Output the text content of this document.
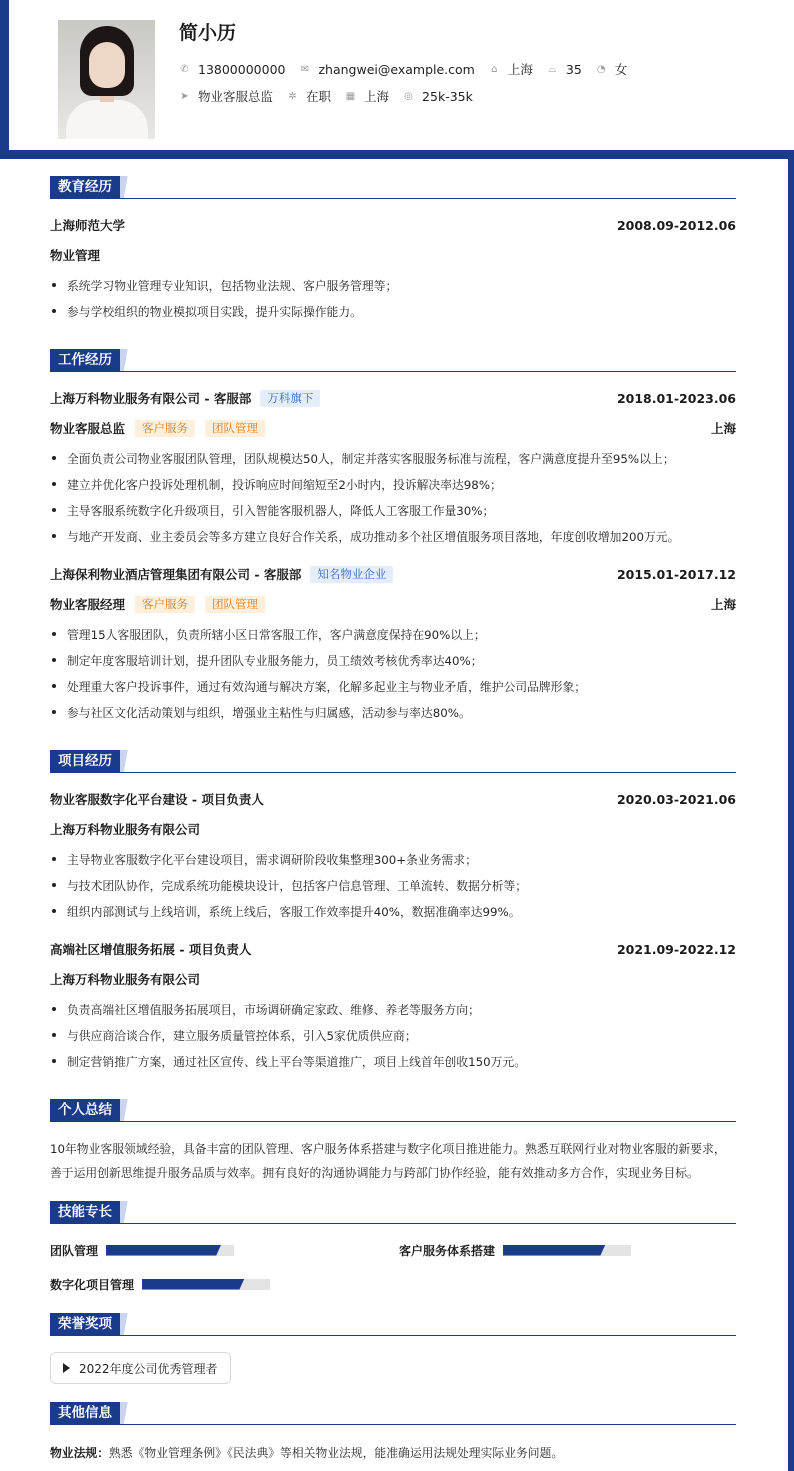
简小历
✆ 13800000000 ✉ zhangwei@example.com ⌂ 上海 ⌓ 35 ◔ 女
➤ 物业客服总监 ✲ 在职 ▦ 上海 ◎ 25k-35k
教育经历
上海师范大学	2008.09-2012.06
物业管理
系统学习物业管理专业知识，包括物业法规、客户服务管理等；
参与学校组织的物业模拟项目实践，提升实际操作能力。
工作经历
上海万科物业服务有限公司 - 客服部	万科旗下	2018.01-2023.06
物业客服总监	客户服务	团队管理	上海
全面负责公司物业客服团队管理，团队规模达50人，制定并落实客服服务标准与流程，客户满意度提升至95%以上；
建立并优化客户投诉处理机制，投诉响应时间缩短至2小时内，投诉解决率达98%；
主导客服系统数字化升级项目，引入智能客服机器人，降低人工客服工作量30%；
与地产开发商、业主委员会等多方建立良好合作关系，成功推动多个社区增值服务项目落地，年度创收增加200万元。
上海保利物业酒店管理集团有限公司 - 客服部	知名物业企业	2015.01-2017.12
物业客服经理	客户服务	团队管理	上海
管理15人客服团队，负责所辖小区日常客服工作，客户满意度保持在90%以上；
制定年度客服培训计划，提升团队专业服务能力，员工绩效考核优秀率达40%；
处理重大客户投诉事件，通过有效沟通与解决方案，化解多起业主与物业矛盾，维护公司品牌形象；
参与社区文化活动策划与组织，增强业主粘性与归属感，活动参与率达80%。
项目经历
物业客服数字化平台建设 - 项目负责人	2020.03-2021.06
上海万科物业服务有限公司
主导物业客服数字化平台建设项目，需求调研阶段收集整理300+条业务需求；
与技术团队协作，完成系统功能模块设计，包括客户信息管理、工单流转、数据分析等；
组织内部测试与上线培训，系统上线后，客服工作效率提升40%，数据准确率达99%。
高端社区增值服务拓展 - 项目负责人	2021.09-2022.12
上海万科物业服务有限公司
负责高端社区增值服务拓展项目，市场调研确定家政、维修、养老等服务方向；
与供应商洽谈合作，建立服务质量管控体系，引入5家优质供应商；
制定营销推广方案，通过社区宣传、线上平台等渠道推广，项目上线首年创收150万元。
个人总结
10年物业客服领域经验，具备丰富的团队管理、客户服务体系搭建与数字化项目推进能力。熟悉互联网行业对物业客服的新要求，
善于运用创新思维提升服务品质与效率。拥有良好的沟通协调能力与跨部门协作经验，能有效推动多方合作，实现业务目标。
技能专长
团队管理	客户服务体系搭建
数字化项目管理
荣誉奖项
2022年度公司优秀管理者
其他信息
物业法规： 熟悉《物业管理条例》《民法典》等相关物业法规，能准确运用法规处理实际业务问题。
